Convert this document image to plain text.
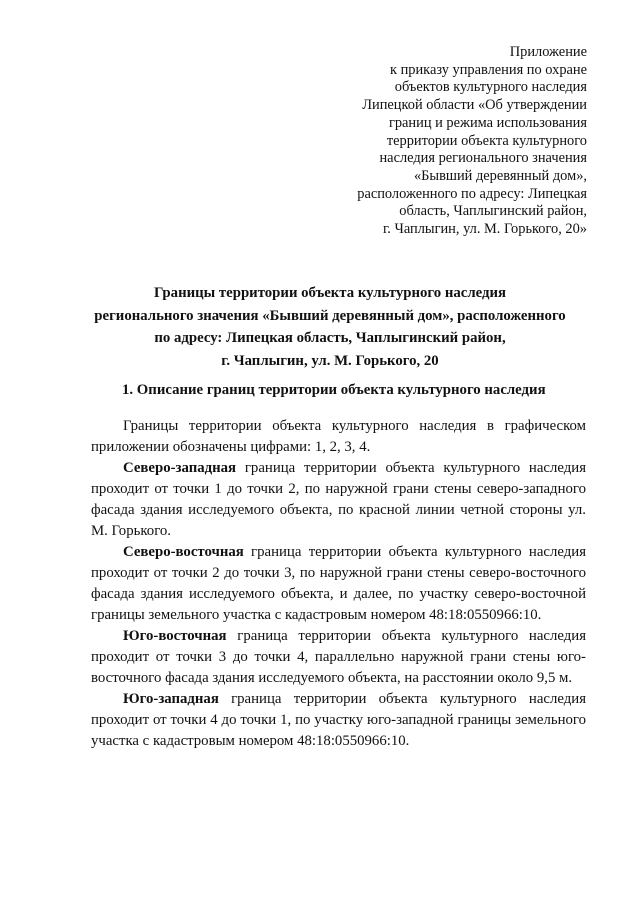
Приложение
к приказу управления по охране
объектов культурного наследия
Липецкой области «Об утверждении
границ и режима использования
территории объекта культурного
наследия регионального значения
«Бывший деревянный дом»,
расположенного по адресу: Липецкая
область, Чаплыгинский район,
г. Чаплыгин, ул. М. Горького, 20»
Границы территории объекта культурного наследия
регионального значения «Бывший деревянный дом», расположенного
по адресу: Липецкая область, Чаплыгинский район,
г. Чаплыгин, ул. М. Горького, 20
1. Описание границ территории объекта культурного наследия

Границы территории объекта культурного наследия в графическом приложении обозначены цифрами: 1, 2, 3, 4.

Северо-западная граница территории объекта культурного наследия проходит от точки 1 до точки 2, по наружной грани стены северо-западного фасада здания исследуемого объекта, по красной линии четной стороны ул. М. Горького.

Северо-восточная граница территории объекта культурного наследия проходит от точки 2 до точки 3, по наружной грани стены северо-восточного фасада здания исследуемого объекта, и далее, по участку северо-восточной границы земельного участка с кадастровым номером 48:18:0550966:10.

Юго-восточная граница территории объекта культурного наследия проходит от точки 3 до точки 4, параллельно наружной грани стены юго-восточного фасада здания исследуемого объекта, на расстоянии около 9,5 м.

Юго-западная граница территории объекта культурного наследия проходит от точки 4 до точки 1, по участку юго-западной границы земельного участка с кадастровым номером 48:18:0550966:10.
